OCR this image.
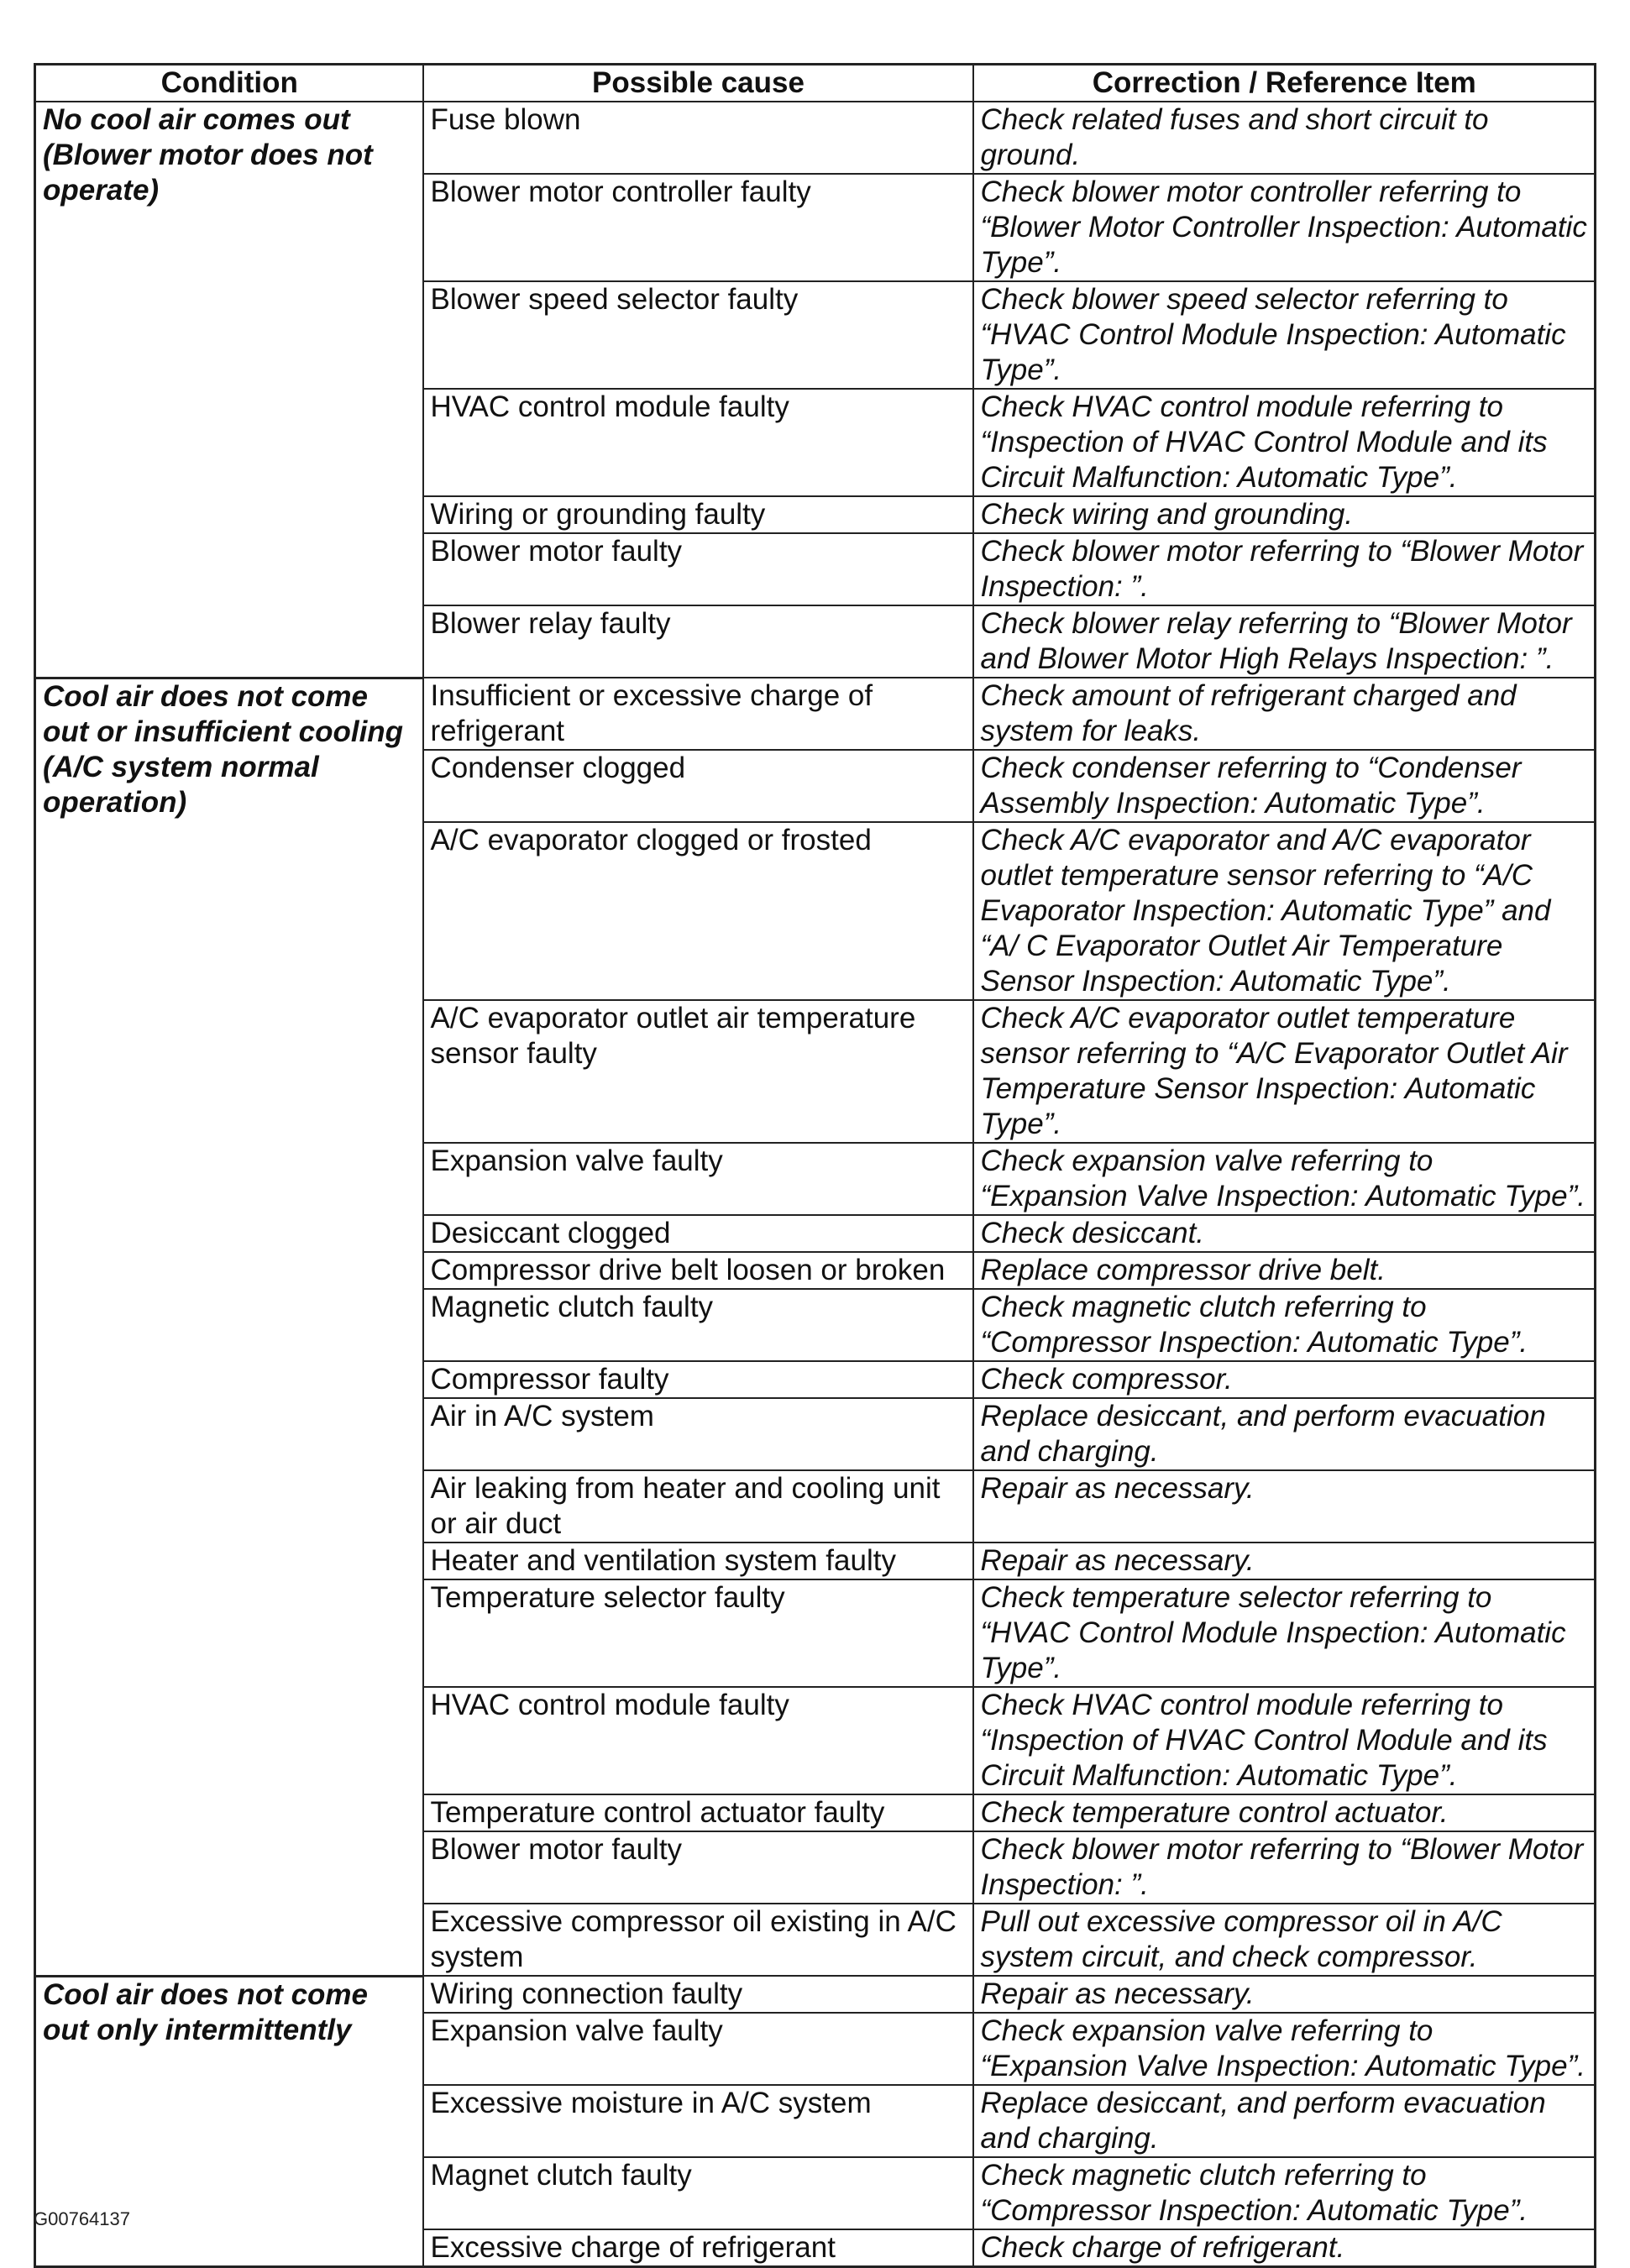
Condition	Possible cause	Correction / Reference Item
No cool air comes out (Blower motor does not operate)	Fuse blown	Check related fuses and short circuit to ground.
	Blower motor controller faulty	Check blower motor controller referring to “Blower Motor Controller Inspection: Automatic Type”.
	Blower speed selector faulty	Check blower speed selector referring to “HVAC Control Module Inspection: Automatic Type”.
	HVAC control module faulty	Check HVAC control module referring to “Inspection of HVAC Control Module and its Circuit Malfunction: Automatic Type”.
	Wiring or grounding faulty	Check wiring and grounding.
	Blower motor faulty	Check blower motor referring to “Blower Motor Inspection: ”.
	Blower relay faulty	Check blower relay referring to “Blower Motor and Blower Motor High Relays Inspection: ”.
Cool air does not come out or insufficient cooling (A/C system normal operation)	Insufficient or excessive charge of refrigerant	Check amount of refrigerant charged and system for leaks.
	Condenser clogged	Check condenser referring to “Condenser Assembly Inspection: Automatic Type”.
	A/C evaporator clogged or frosted	Check A/C evaporator and A/C evaporator outlet temperature sensor referring to “A/C Evaporator Inspection: Automatic Type” and “A/ C Evaporator Outlet Air Temperature Sensor Inspection: Automatic Type”.
	A/C evaporator outlet air temperature sensor faulty	Check A/C evaporator outlet temperature sensor referring to “A/C Evaporator Outlet Air Temperature Sensor Inspection: Automatic Type”.
	Expansion valve faulty	Check expansion valve referring to “Expansion Valve Inspection: Automatic Type”.
	Desiccant clogged	Check desiccant.
	Compressor drive belt loosen or broken	Replace compressor drive belt.
	Magnetic clutch faulty	Check magnetic clutch referring to “Compressor Inspection: Automatic Type”.
	Compressor faulty	Check compressor.
	Air in A/C system	Replace desiccant, and perform evacuation and charging.
	Air leaking from heater and cooling unit or air duct	Repair as necessary.
	Heater and ventilation system faulty	Repair as necessary.
	Temperature selector faulty	Check temperature selector referring to “HVAC Control Module Inspection: Automatic Type”.
	HVAC control module faulty	Check HVAC control module referring to “Inspection of HVAC Control Module and its Circuit Malfunction: Automatic Type”.
	Temperature control actuator faulty	Check temperature control actuator.
	Blower motor faulty	Check blower motor referring to “Blower Motor Inspection: ”.
	Excessive compressor oil existing in A/C system	Pull out excessive compressor oil in A/C system circuit, and check compressor.
Cool air does not come out only intermittently	Wiring connection faulty	Repair as necessary.
	Expansion valve faulty	Check expansion valve referring to “Expansion Valve Inspection: Automatic Type”.
	Excessive moisture in A/C system	Replace desiccant, and perform evacuation and charging.
	Magnet clutch faulty	Check magnetic clutch referring to “Compressor Inspection: Automatic Type”.
	Excessive charge of refrigerant	Check charge of refrigerant.
G00764137
